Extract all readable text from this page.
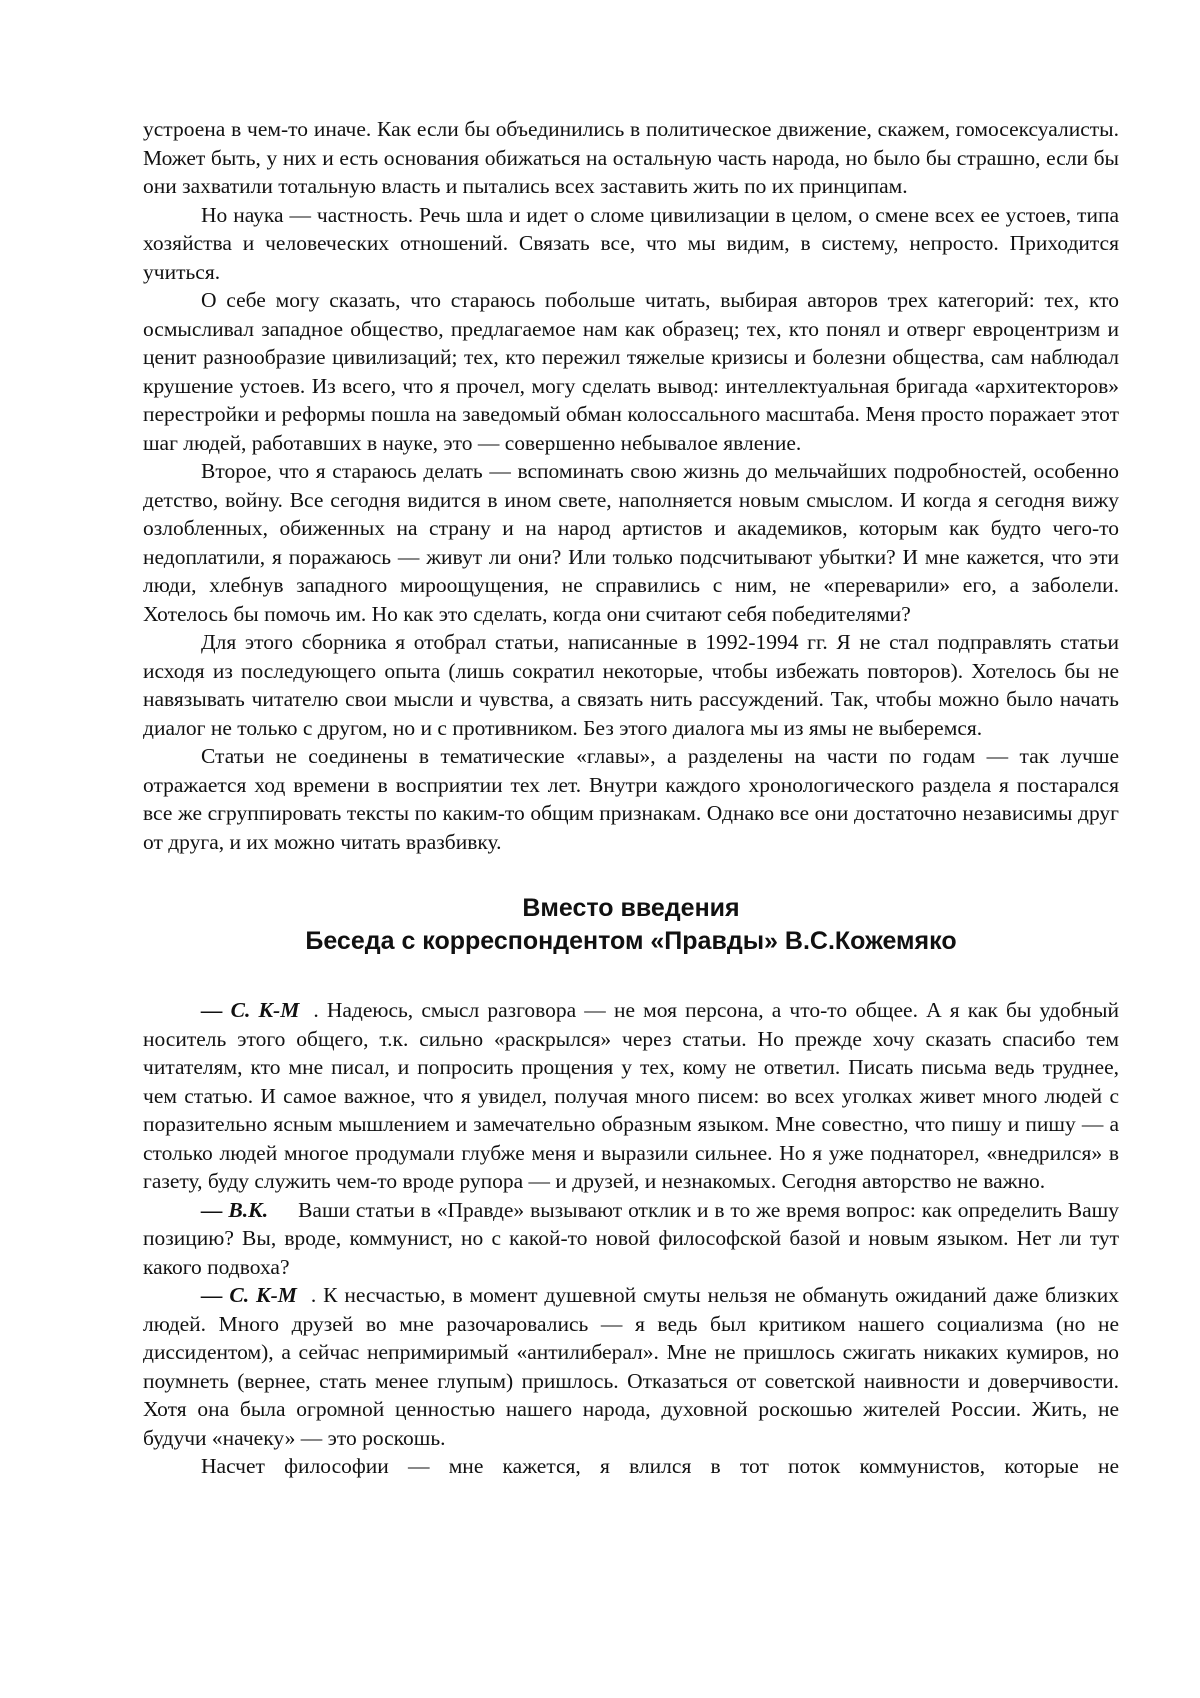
устроена в чем-то иначе. Как если бы объединились в политическое движение, скажем, гомосексуалисты. Может быть, у них и есть основания обижаться на остальную часть народа, но было бы страшно, если бы они захватили тотальную власть и пытались всех заставить жить по их принципам.

Но наука — частность. Речь шла и идет о сломе цивилизации в целом, о смене всех ее устоев, типа хозяйства и человеческих отношений. Связать все, что мы видим, в систему, непросто. Приходится учиться.

О себе могу сказать, что стараюсь побольше читать, выбирая авторов трех категорий: тех, кто осмысливал западное общество, предлагаемое нам как образец; тех, кто понял и отверг евроцентризм и ценит разнообразие цивилизаций; тех, кто пережил тяжелые кризисы и болезни общества, сам наблюдал крушение устоев. Из всего, что я прочел, могу сделать вывод: интеллектуальная бригада «архитекторов» перестройки и реформы пошла на заведомый обман колоссального масштаба. Меня просто поражает этот шаг людей, работавших в науке, это — совершенно небывалое явление.

Второе, что я стараюсь делать — вспоминать свою жизнь до мельчайших подробностей, особенно детство, войну. Все сегодня видится в ином свете, наполняется новым смыслом. И когда я сегодня вижу озлобленных, обиженных на страну и на народ артистов и академиков, которым как будто чего-то недоплатили, я поражаюсь — живут ли они? Или только подсчитывают убытки? И мне кажется, что эти люди, хлебнув западного мироощущения, не справились с ним, не «переварили» его, а заболели. Хотелось бы помочь им. Но как это сделать, когда они считают себя победителями?

Для этого сборника я отобрал статьи, написанные в 1992-1994 гг. Я не стал подправлять статьи исходя из последующего опыта (лишь сократил некоторые, чтобы избежать повторов). Хотелось бы не навязывать читателю свои мысли и чувства, а связать нить рассуждений. Так, чтобы можно было начать диалог не только с другом, но и с противником. Без этого диалога мы из ямы не выберемся.

Статьи не соединены в тематические «главы», а разделены на части по годам — так лучше отражается ход времени в восприятии тех лет. Внутри каждого хронологического раздела я постарался все же сгруппировать тексты по каким-то общим признакам. Однако все они достаточно независимы друг от друга, и их можно читать вразбивку.

Вместо введения
Беседа с корреспондентом «Правды» В.С.Кожемяко

— С. К-М . Надеюсь, смысл разговора — не моя персона, а что-то общее. А я как бы удобный носитель этого общего, т.к. сильно «раскрылся» через статьи. Но прежде хочу сказать спасибо тем читателям, кто мне писал, и попросить прощения у тех, кому не ответил. Писать письма ведь труднее, чем статью. И самое важное, что я увидел, получая много писем: во всех уголках живет много людей с поразительно ясным мышлением и замечательно образным языком. Мне совестно, что пишу и пишу — а столько людей многое продумали глубже меня и выразили сильнее. Но я уже поднаторел, «внедрился» в газету, буду служить чем-то вроде рупора — и друзей, и незнакомых. Сегодня авторство не важно.

— В.К. Ваши статьи в «Правде» вызывают отклик и в то же время вопрос: как определить Вашу позицию? Вы, вроде, коммунист, но с какой-то новой философской базой и новым языком. Нет ли тут какого подвоха?

— С. К-М . К несчастью, в момент душевной смуты нельзя не обмануть ожиданий даже близких людей. Много друзей во мне разочаровались — я ведь был критиком нашего социализма (но не диссидентом), а сейчас непримиримый «антилиберал». Мне не пришлось сжигать никаких кумиров, но поумнеть (вернее, стать менее глупым) пришлось. Отказаться от советской наивности и доверчивости. Хотя она была огромной ценностью нашего народа, духовной роскошью жителей России. Жить, не будучи «начеку» — это роскошь.

Насчет философии — мне кажется, я влился в тот поток коммунистов, которые не
